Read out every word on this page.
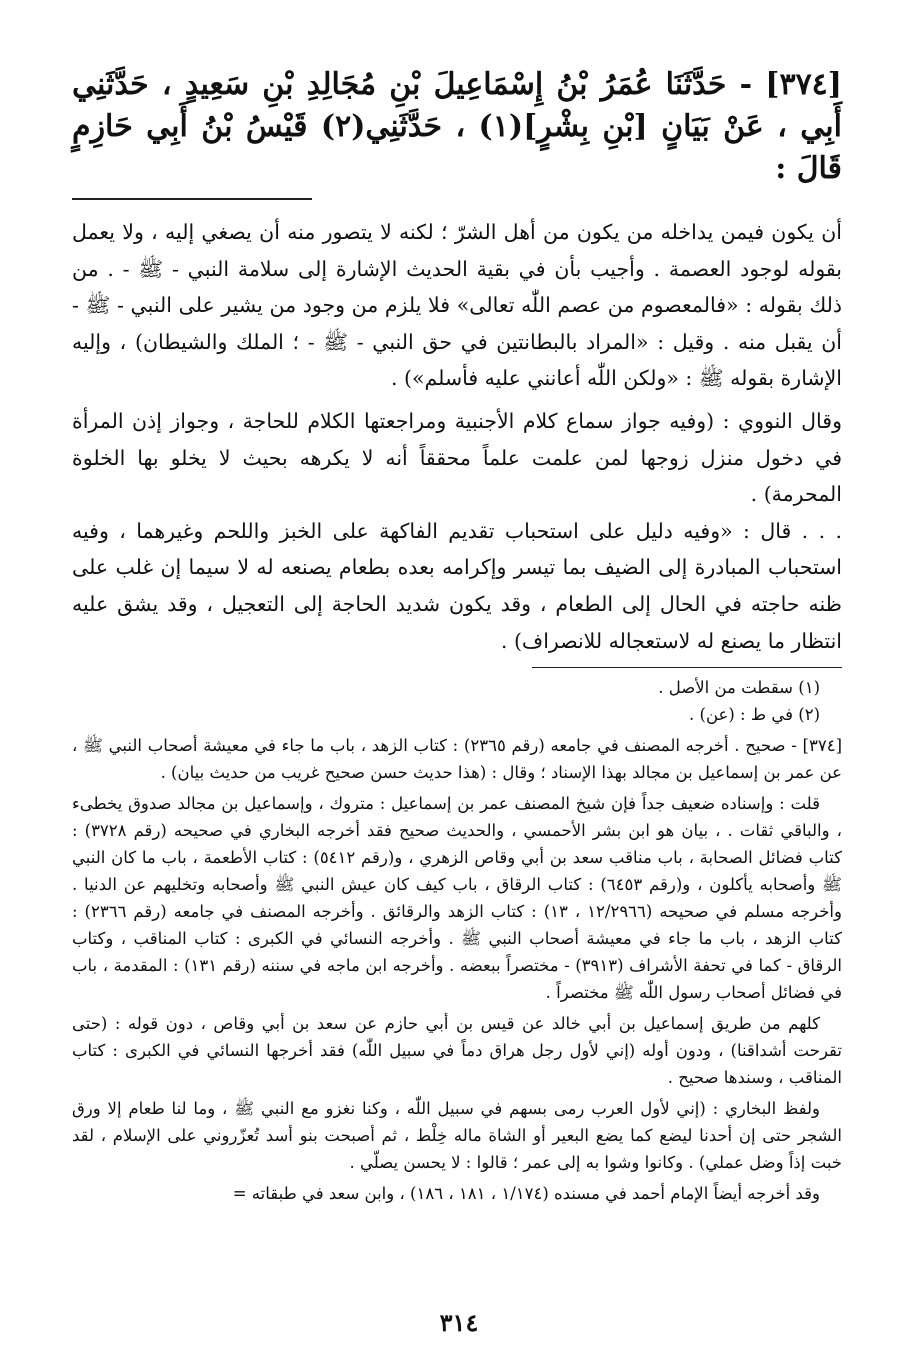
[٣٧٤] - حَدَّثَنَا عُمَرُ بْنُ إِسْمَاعِيلَ بْنِ مُجَالِدِ بْنِ سَعِيدٍ ، حَدَّثَنِي أَبِي ، عَنْ بَيَانٍ [بْنِ بِشْرٍ](١) ، حَدَّثَنِي(٢) قَيْسُ بْنُ أَبِي حَازِمٍ قَالَ :

أن يكون فيمن يداخله من يكون من أهل الشرّ ؛ لكنه لا يتصور منه أن يصغي إليه ، ولا يعمل بقوله لوجود العصمة . وأجيب بأن في بقية الحديث الإشارة إلى سلامة النبي - ﷺ - . من ذلك بقوله : «فالمعصوم من عصم اللّٰه تعالى» فلا يلزم من وجود من يشير على النبي - ﷺ - أن يقبل منه . وقيل : «المراد بالبطانتين في حق النبي - ﷺ - ؛ الملك والشيطان) ، وإليه الإشارة بقوله ﷺ : «ولكن اللّٰه أعانني عليه فأسلم») .

وقال النووي : (وفيه جواز سماع كلام الأجنبية ومراجعتها الكلام للحاجة ، وجواز إذن المرأة في دخول منزل زوجها لمن علمت علماً محققاً أنه لا يكرهه بحيث لا يخلو بها الخلوة المحرمة) .

. . . قال : «وفيه دليل على استحباب تقديم الفاكهة على الخبز واللحم وغيرهما ، وفيه استحباب المبادرة إلى الضيف بما تيسر وإكرامه بعده بطعام يصنعه له لا سيما إن غلب على ظنه حاجته في الحال إلى الطعام ، وقد يكون شديد الحاجة إلى التعجيل ، وقد يشق عليه انتظار ما يصنع له لاستعجاله للانصراف) .

(١) سقطت من الأصل .

(٢) في ط : (عن) .

[٣٧٤] - صحيح . أخرجه المصنف في جامعه (رقم ٢٣٦٥) : كتاب الزهد ، باب ما جاء في معيشة أصحاب النبي ﷺ ، عن عمر بن إسماعيل بن مجالد بهذا الإسناد ؛ وقال : (هذا حديث حسن صحيح غريب من حديث بيان) .

قلت : وإسناده ضعيف جداً فإن شيخ المصنف عمر بن إسماعيل : متروك ، وإسماعيل بن مجالد صدوق يخطىء ، والباقي ثقات . ، بيان هو ابن بشر الأحمسي ، والحديث صحيح فقد أخرجه البخاري في صحيحه (رقم ٣٧٢٨) : كتاب فضائل الصحابة ، باب مناقب سعد بن أبي وقاص الزهري ، و(رقم ٥٤١٢) : كتاب الأطعمة ، باب ما كان النبي ﷺ وأصحابه يأكلون ، و(رقم ٦٤٥٣) : كتاب الرقاق ، باب كيف كان عيش النبي ﷺ وأصحابه وتخليهم عن الدنيا . وأخرجه مسلم في صحيحه (١٢/٢٩٦٦ ، ١٣) : كتاب الزهد والرقائق . وأخرجه المصنف في جامعه (رقم ٢٣٦٦) : كتاب الزهد ، باب ما جاء في معيشة أصحاب النبي ﷺ . وأخرجه النسائي في الكبرى : كتاب المناقب ، وكتاب الرقاق - كما في تحفة الأشراف (٣٩١٣) - مختصراً ببعضه . وأخرجه ابن ماجه في سننه (رقم ١٣١) : المقدمة ، باب في فضائل أصحاب رسول اللّٰه ﷺ مختصراً .

كلهم من طريق إسماعيل بن أبي خالد عن قيس بن أبي حازم عن سعد بن أبي وقاص ، دون قوله : (حتى تقرحت أشداقنا) ، ودون أوله (إني لأول رجل هراق دماً في سبيل اللّٰه) فقد أخرجها النسائي في الكبرى : كتاب المناقب ، وسندها صحيح .

ولفظ البخاري : (إني لأول العرب رمى بسهم في سبيل اللّٰه ، وكنا نغزو مع النبي ﷺ ، وما لنا طعام إلا ورق الشجر حتى إن أحدنا ليضع كما يضع البعير أو الشاة ماله خِلْط ، ثم أصبحت بنو أسد تُعزّروني على الإسلام ، لقد خبت إذاً وضل عملي) . وكانوا وشوا به إلى عمر ؛ قالوا : لا يحسن يصلّي .

وقد أخرجه أيضاً الإمام أحمد في مسنده (١/١٧٤ ، ١٨١ ، ١٨٦) ، وابن سعد في طبقاته =

٣١٤
